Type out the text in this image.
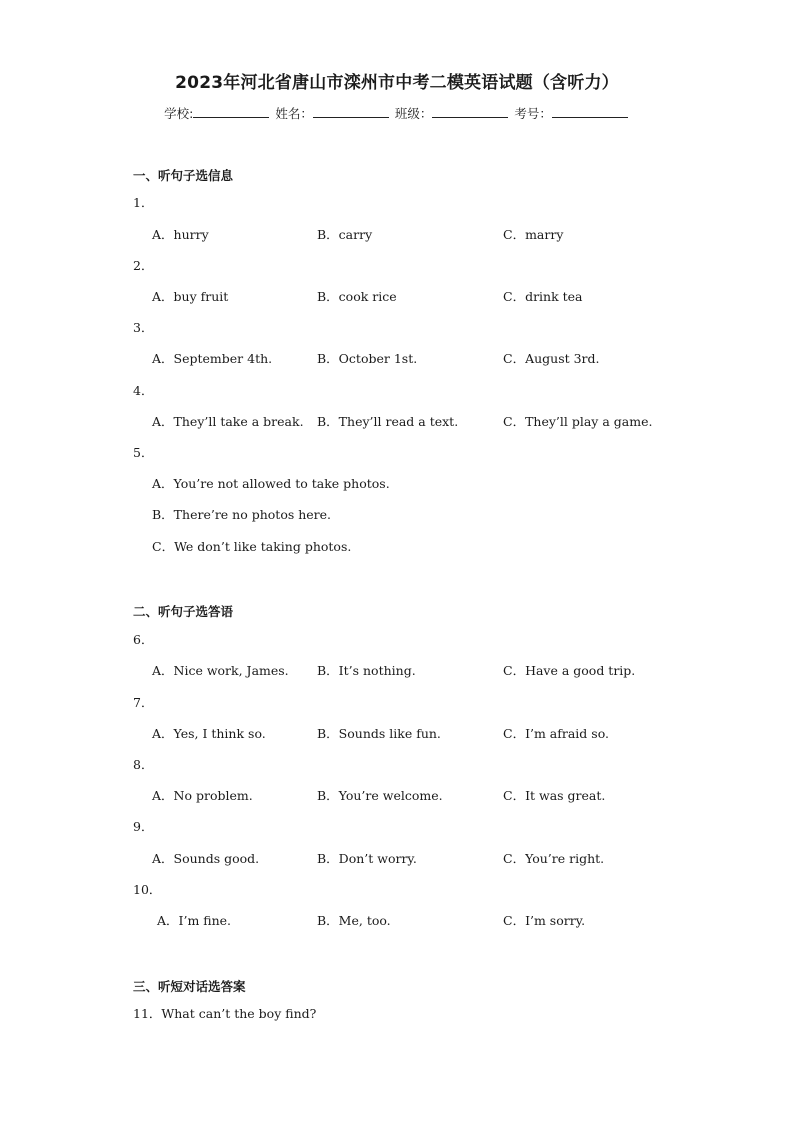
2023年河北省唐山市滦州市中考二模英语试题（含听力）
学校:	姓名：	班级：	考号：
一、听句子选信息
1．
A．hurry	B．carry	C．marry
2．
A．buy fruit	B．cook rice	C．drink tea
3．
A．September 4th.	B．October 1st.	C．August 3rd.
4．
A．They’ll take a break. B．They’ll read a text.	C．They’ll play a game.
5．
A．You’re not allowed to take photos.
B．There’re no photos here.
C．We don’t like taking photos.
二、听句子选答语
6．
A．Nice work, James. B．It’s nothing.	C．Have a good trip.
7．
A．Yes, I think so.	B．Sounds like fun.	C．I’m afraid so.
8．
A．No problem.	B．You’re welcome.	C．It was great.
9．
A．Sounds good.	B．Don’t worry.	C．You’re right.
10．
A．I’m fine.	B．Me, too.	C．I’m sorry.
三、听短对话选答案
11．What can’t the boy find?
